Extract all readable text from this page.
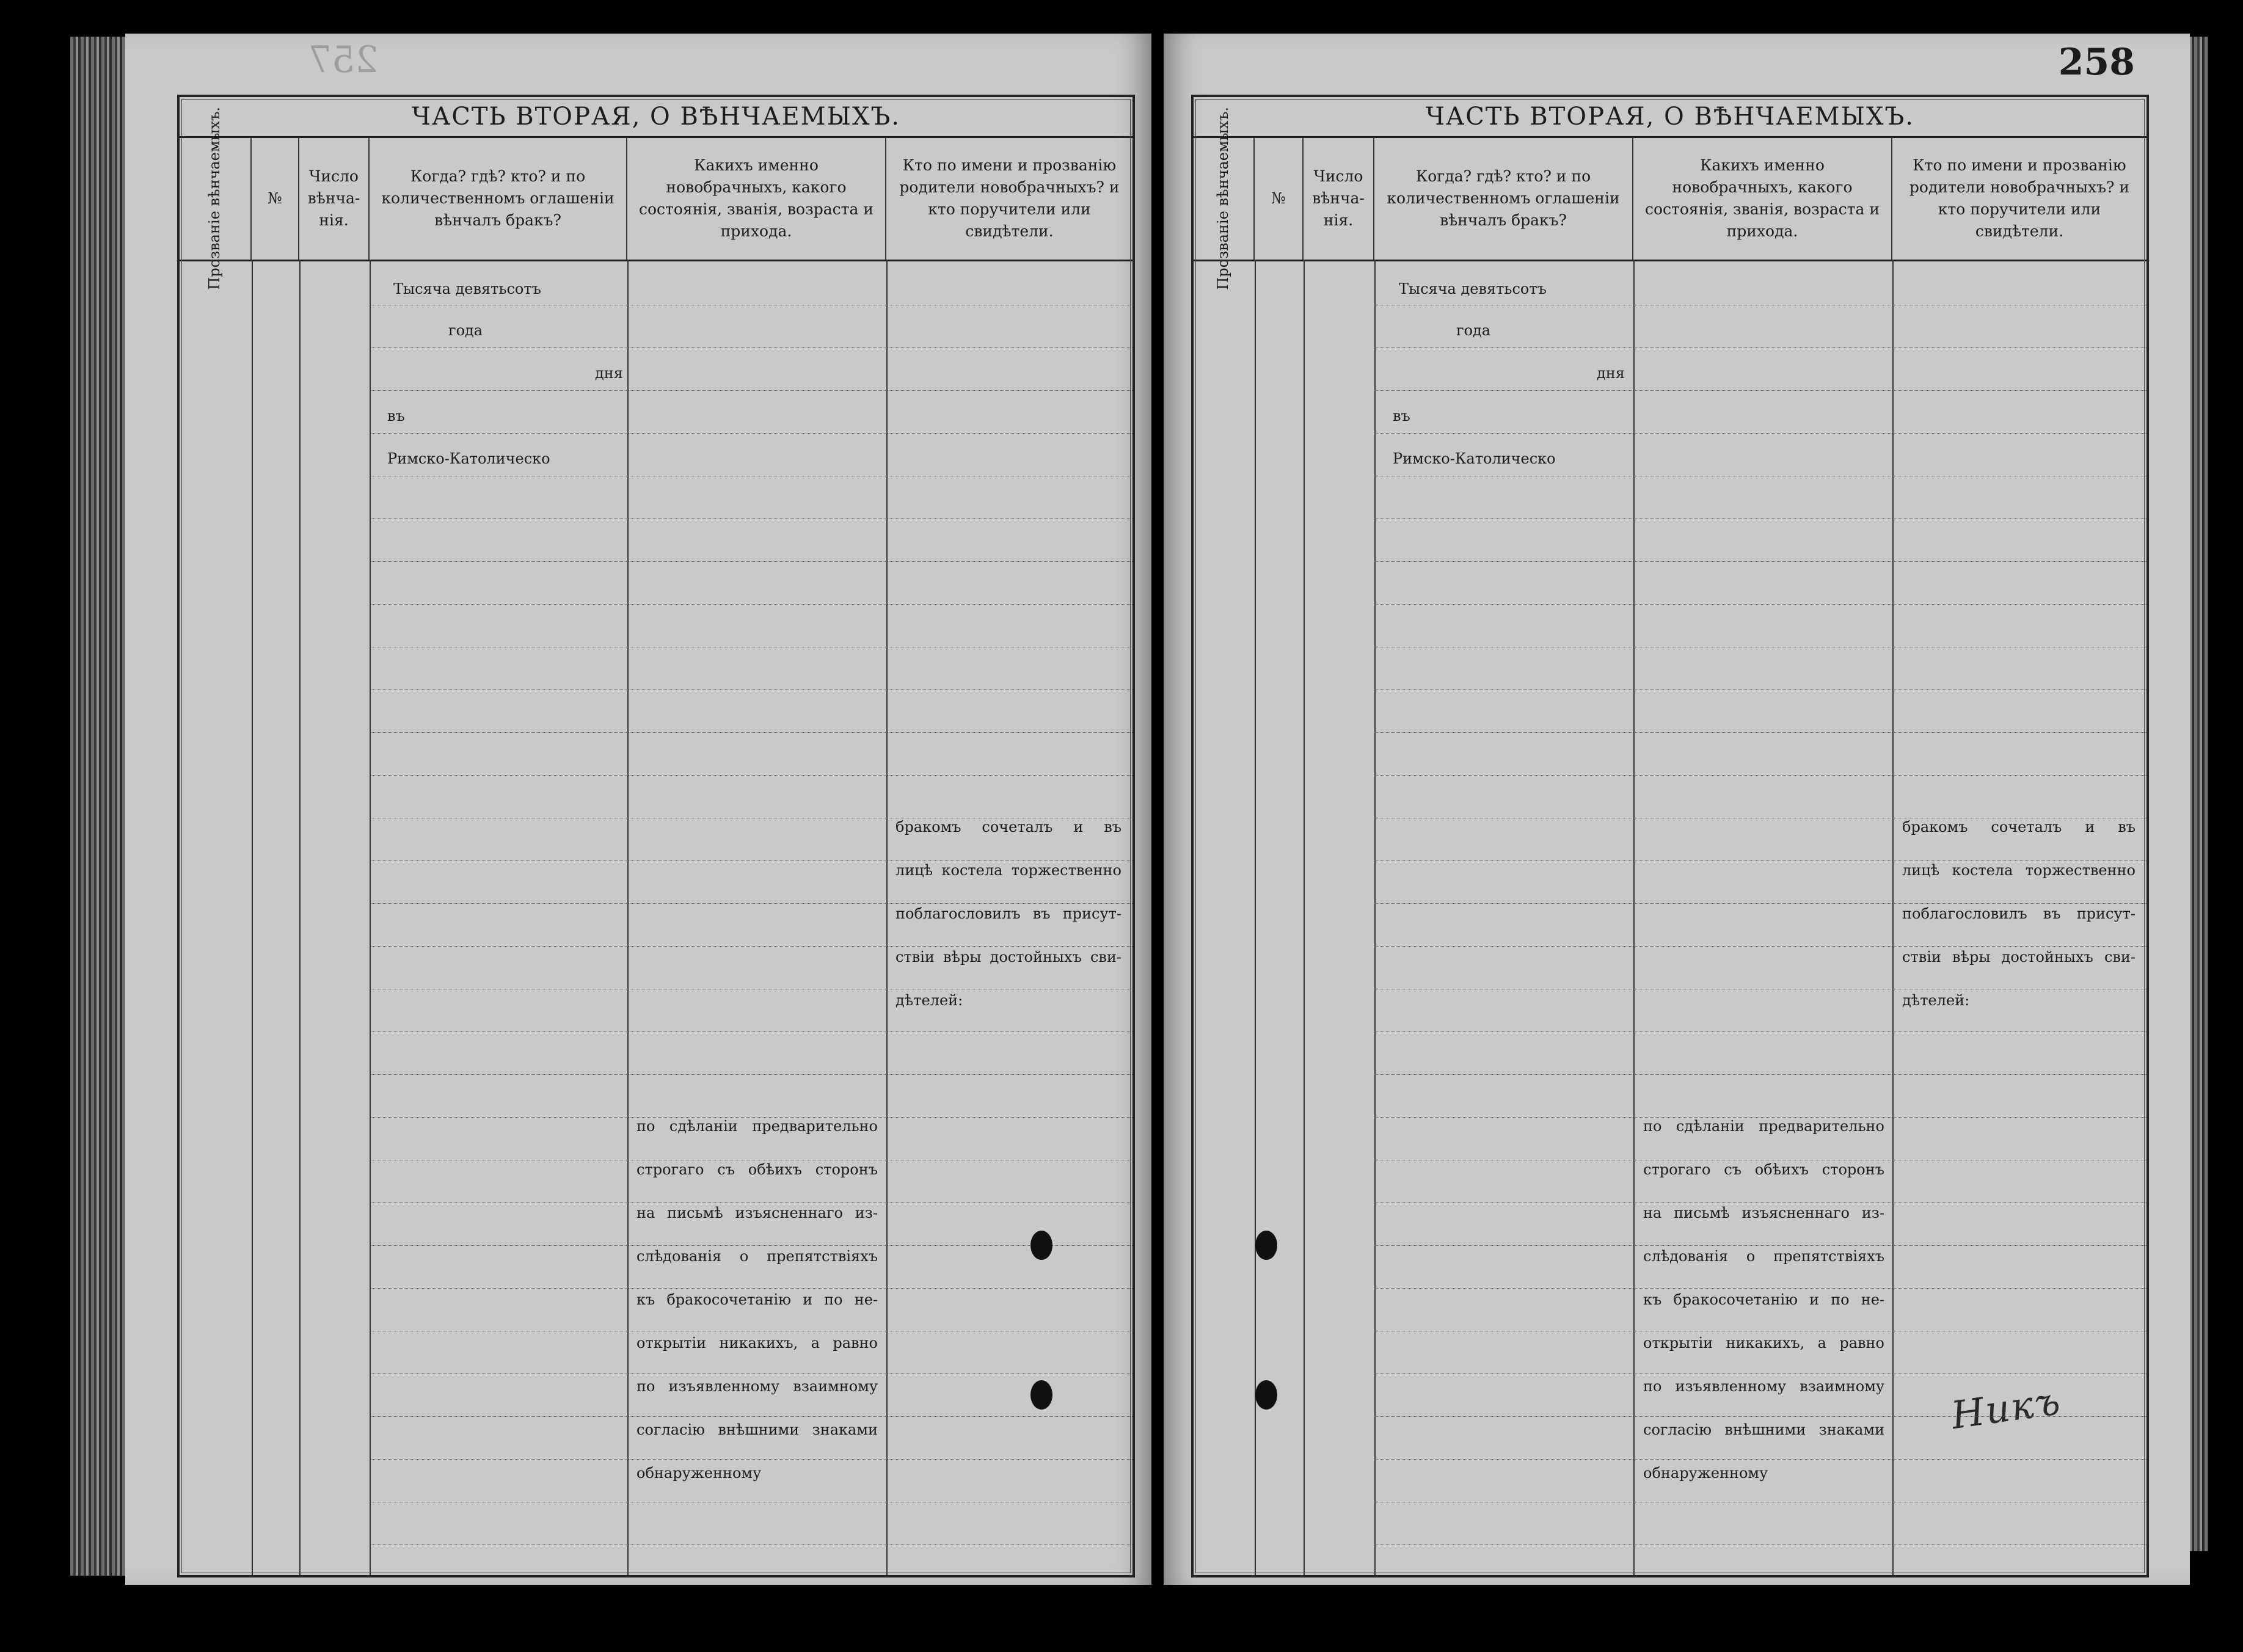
257
ЧАСТЬ ВТОРАЯ, О ВѢНЧАЕМЫХЪ.
Прозваніе вѣнчаемыхъ.	№
Число вѣнча-нія.
Когда? гдѣ? кто? и по количественномъ оглашеніи вѣнчалъ бракъ?
Какихъ именно новобрачныхъ, какого состоянія, званія, возраста и прихода.
Кто по имени и прозванію родители новобрачныхъ? и кто поручители или свидѣтели.
Тысяча девятьсотъ
года
дня
въ
Римско-Католическо
бракомъ сочеталъ и въ
лицѣ костела торжественно
поблагословилъ въ присут-
ствіи вѣры достойныхъ сви-
дѣтелей:
по сдѣланіи предварительно
строгаго съ обѣихъ сторонъ
на письмѣ изъясненнаго из-
слѣдованія о препятствіяхъ
къ бракосочетанію и по не-
открытіи никакихъ, а равно
по изъявленному взаимному
согласію внѣшними знаками
обнаруженному
258
ЧАСТЬ ВТОРАЯ, О ВѢНЧАЕМЫХЪ.
Прозваніе вѣнчаемыхъ.	№
Число вѣнча-нія.
Когда? гдѣ? кто? и по количественномъ оглашеніи вѣнчалъ бракъ?
Какихъ именно новобрачныхъ, какого состоянія, званія, возраста и прихода.
Кто по имени и прозванію родители новобрачныхъ? и кто поручители или свидѣтели.
Тысяча девятьсотъ
года
дня
въ
Римско-Католическо
бракомъ сочеталъ и въ
лицѣ костела торжественно
поблагословилъ въ присут-
ствіи вѣры достойныхъ сви-
дѣтелей:
по сдѣланіи предварительно
строгаго съ обѣихъ сторонъ
на письмѣ изъясненнаго из-
слѣдованія о препятствіяхъ
къ бракосочетанію и по не-
открытіи никакихъ, а равно
по изъявленному взаимному
согласію внѣшними знаками
обнаруженному
Никъ
